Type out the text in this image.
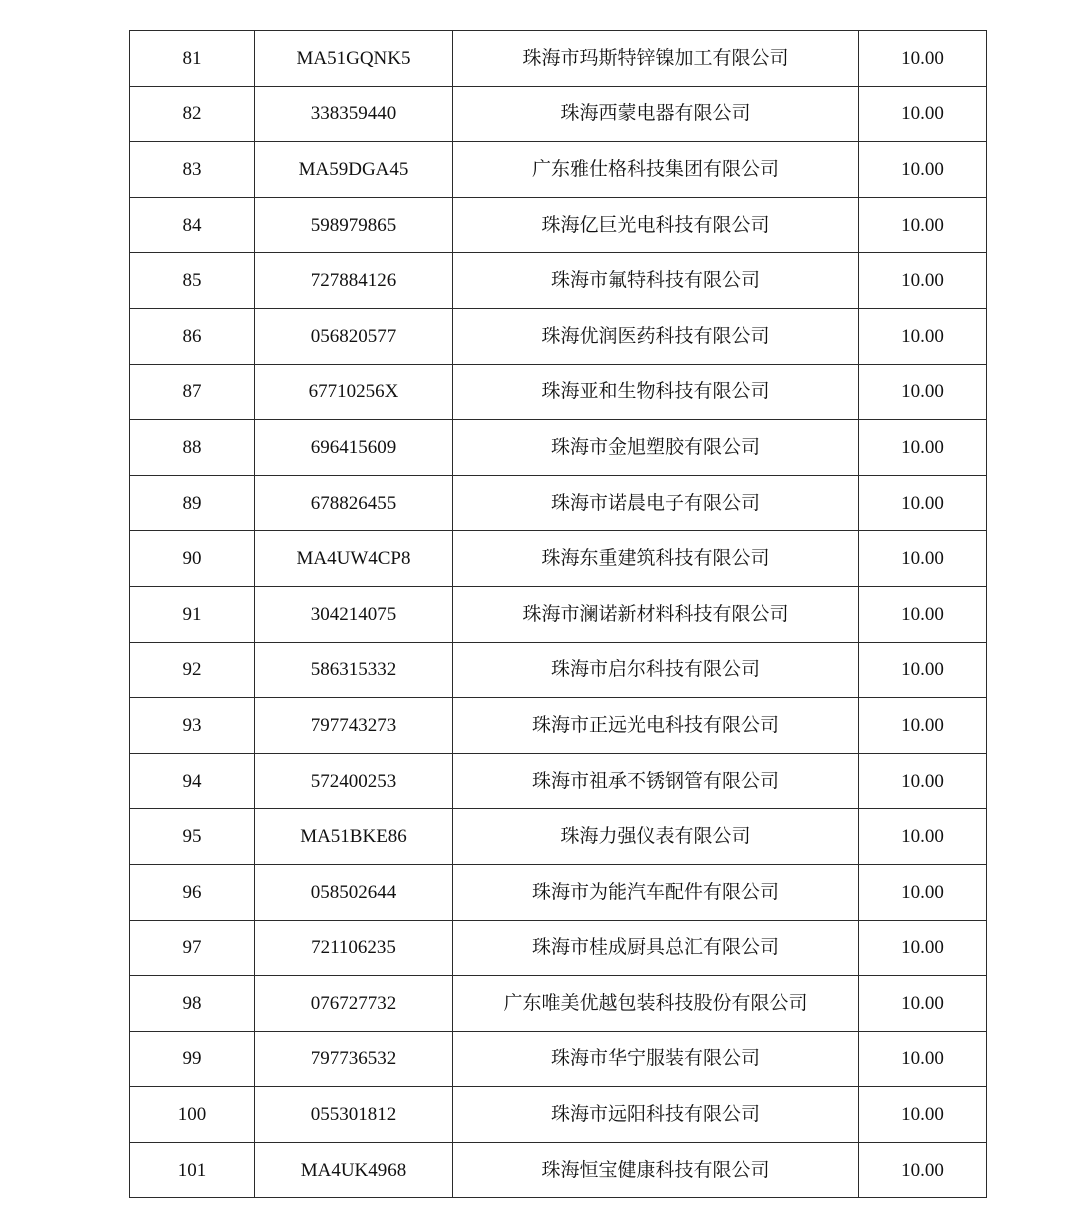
81	MA51GQNK5	珠海市玛斯特锌镍加工有限公司	10.00
82	338359440	珠海西蒙电器有限公司	10.00
83	MA59DGA45	广东雅仕格科技集团有限公司	10.00
84	598979865	珠海亿巨光电科技有限公司	10.00
85	727884126	珠海市氟特科技有限公司	10.00
86	056820577	珠海优润医药科技有限公司	10.00
87	67710256X	珠海亚和生物科技有限公司	10.00
88	696415609	珠海市金旭塑胶有限公司	10.00
89	678826455	珠海市诺晨电子有限公司	10.00
90	MA4UW4CP8	珠海东重建筑科技有限公司	10.00
91	304214075	珠海市澜诺新材料科技有限公司	10.00
92	586315332	珠海市启尔科技有限公司	10.00
93	797743273	珠海市正远光电科技有限公司	10.00
94	572400253	珠海市祖承不锈钢管有限公司	10.00
95	MA51BKE86	珠海力强仪表有限公司	10.00
96	058502644	珠海市为能汽车配件有限公司	10.00
97	721106235	珠海市桂成厨具总汇有限公司	10.00
98	076727732	广东唯美优越包装科技股份有限公司	10.00
99	797736532	珠海市华宁服装有限公司	10.00
100	055301812	珠海市远阳科技有限公司	10.00
101	MA4UK4968	珠海恒宝健康科技有限公司	10.00
